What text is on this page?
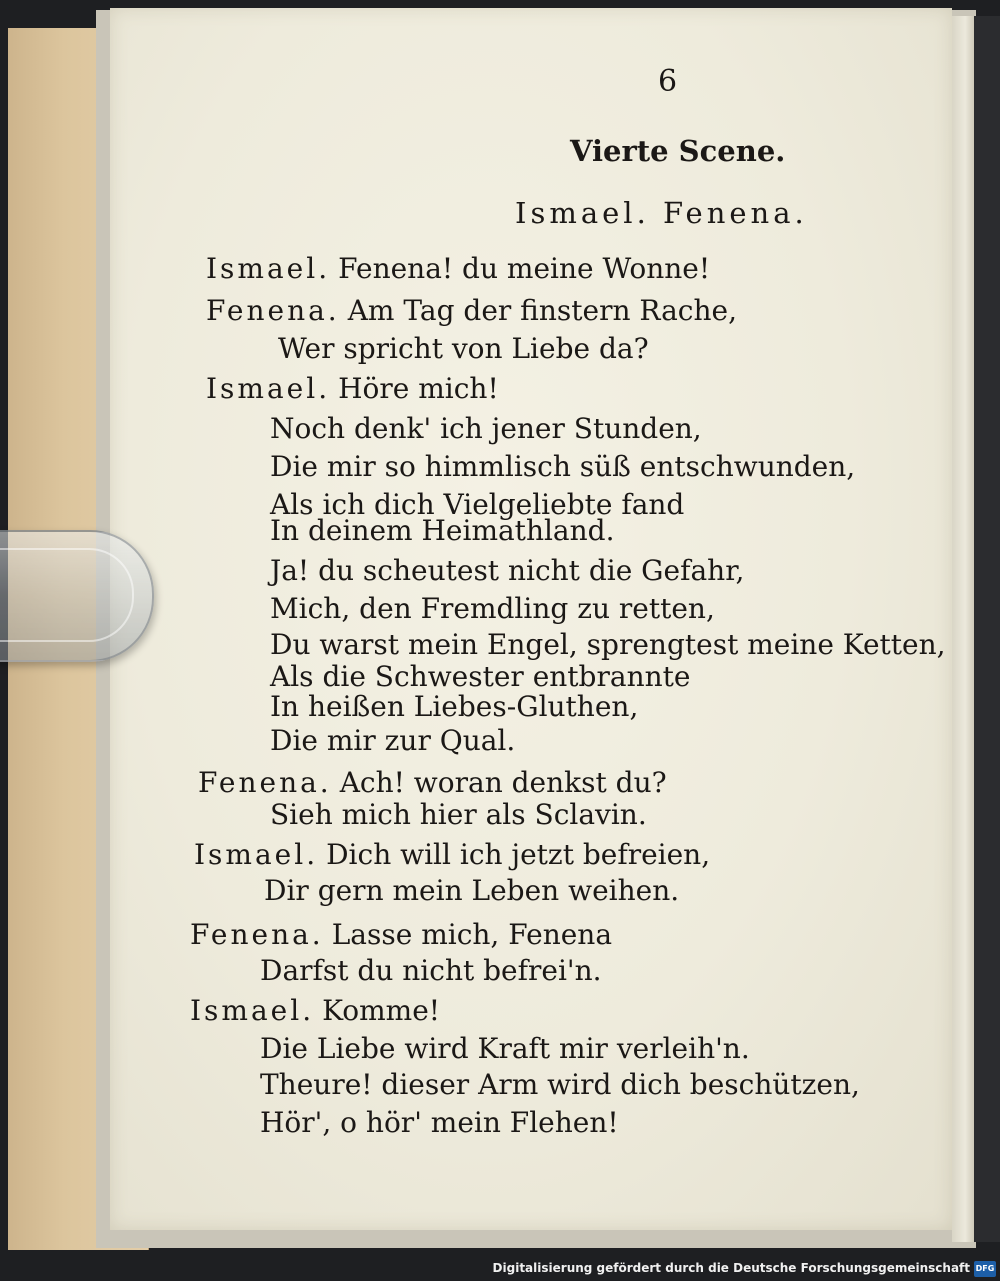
6
Vierte Scene.
Ismael. Fenena.
Ismael. Fenena! du meine Wonne!
Fenena. Am Tag der finstern Rache,
Wer spricht von Liebe da?
Ismael. Höre mich!
Noch denk' ich jener Stunden,
Die mir so himmlisch süß entschwunden,
Als ich dich Vielgeliebte fand
In deinem Heimathland.
Ja! du scheutest nicht die Gefahr,
Mich, den Fremdling zu retten,
Du warst mein Engel, sprengtest meine Ketten,
Als die Schwester entbrannte
In heißen Liebes-Gluthen,
Die mir zur Qual.
Fenena. Ach! woran denkst du?
Sieh mich hier als Sclavin.
Ismael. Dich will ich jetzt befreien,
Dir gern mein Leben weihen.
Fenena. Lasse mich, Fenena
Darfst du nicht befrei'n.
Ismael. Komme!
Die Liebe wird Kraft mir verleih'n.
Theure! dieser Arm wird dich beschützen,
Hör', o hör' mein Flehen!
Digitalisierung gefördert durch die Deutsche Forschungsgemeinschaft DFG
